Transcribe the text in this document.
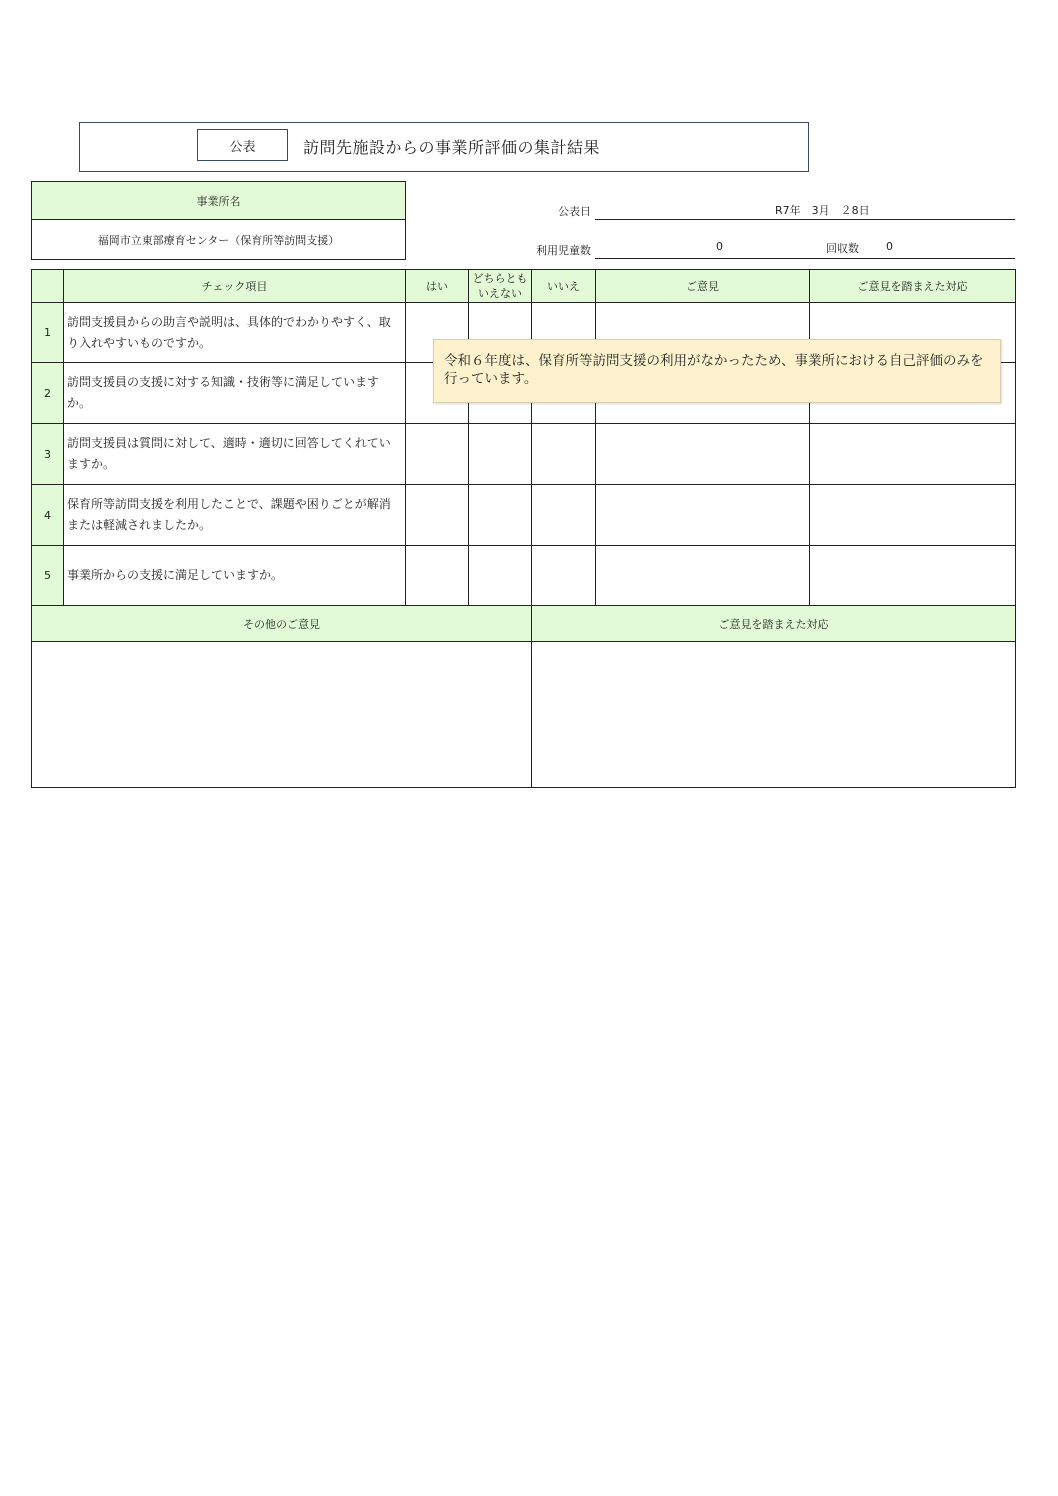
公表	訪問先施設からの事業所評価の集計結果
事業所名
福岡市立東部療育センター（保育所等訪問支援）
公表日	R7年　3月　２8日
利用児童数	0	回収数 0
	チェック項目	はい	どちらとも
いえない	いいえ	ご意見	ご意見を踏まえた対応
1	訪問支援員からの助言や説明は、具体的でわかりやすく、取り入れやすいものですか。					
2	訪問支援員の支援に対する知識・技術等に満足していますか。					
3	訪問支援員は質問に対して、適時・適切に回答してくれていますか。					
4	保育所等訪問支援を利用したことで、課題や困りごとが解消または軽減されましたか。					
5	事業所からの支援に満足していますか。					
その他のご意見	ご意見を踏まえた対応

令和６年度は、保育所等訪問支援の利用がなかったため、事業所における自己評価のみを行っています。
